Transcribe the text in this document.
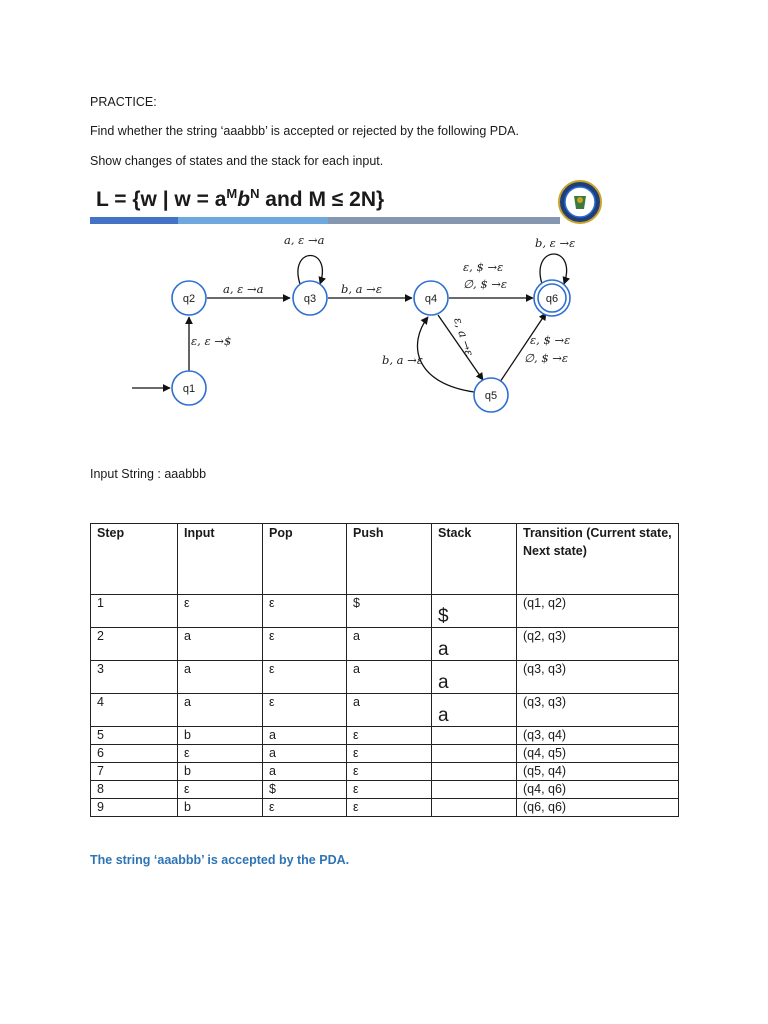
PRACTICE:

Find whether the string ‘aaabbb’ is accepted or rejected by the following PDA.

Show changes of states and the stack for each input.

L = {w | $w = a^Mb^N$ and M ≤ 2N}
q1
q2	q3	q4
q5
q6
ε, ε →$
a, ε →a
a, ε →a
b, a →ε
ε, $ →ε
∅, $ →ε
b, ε →ε
ε, a →ε
b, a →ε
ε, $ →ε
∅, $ →ε

Input String : aaabbb

Step	Input	Pop	Push	Stack	Transition (Current state, Next state)
1	ε	ε	$	$	(q1, q2)
2	a	ε	a	a	(q2, q3)
3	a	ε	a	a	(q3, q3)
4	a	ε	a	a	(q3, q3)
5	b	a	ε		(q3, q4)
6	ε	a	ε		(q4, q5)
7	b	a	ε		(q5, q4)
8	ε	$	ε		(q4, q6)
9	b	ε	ε		(q6, q6)

The string ‘aaabbb’ is accepted by the PDA.
